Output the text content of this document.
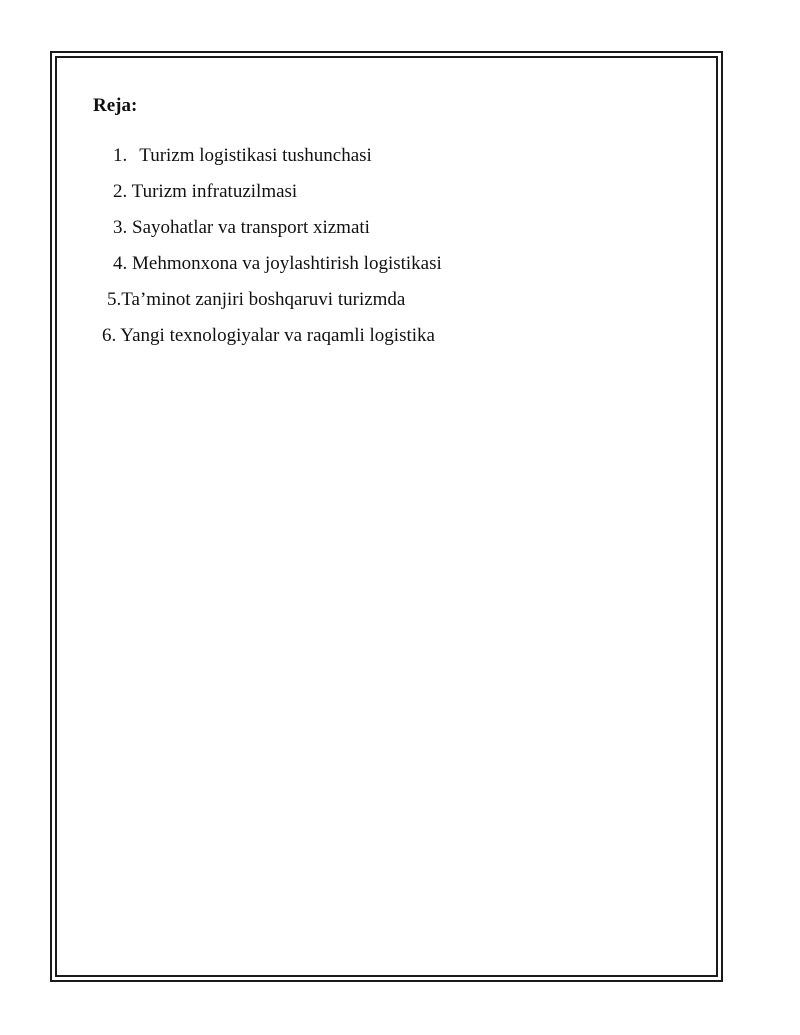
Reja:

1. Turizm logistikasi tushunchasi

2. Turizm infratuzilmasi

3. Sayohatlar va transport xizmati

4. Mehmonxona va joylashtirish logistikasi

5.Ta’minot zanjiri boshqaruvi turizmda

6. Yangi texnologiyalar va raqamli logistika
